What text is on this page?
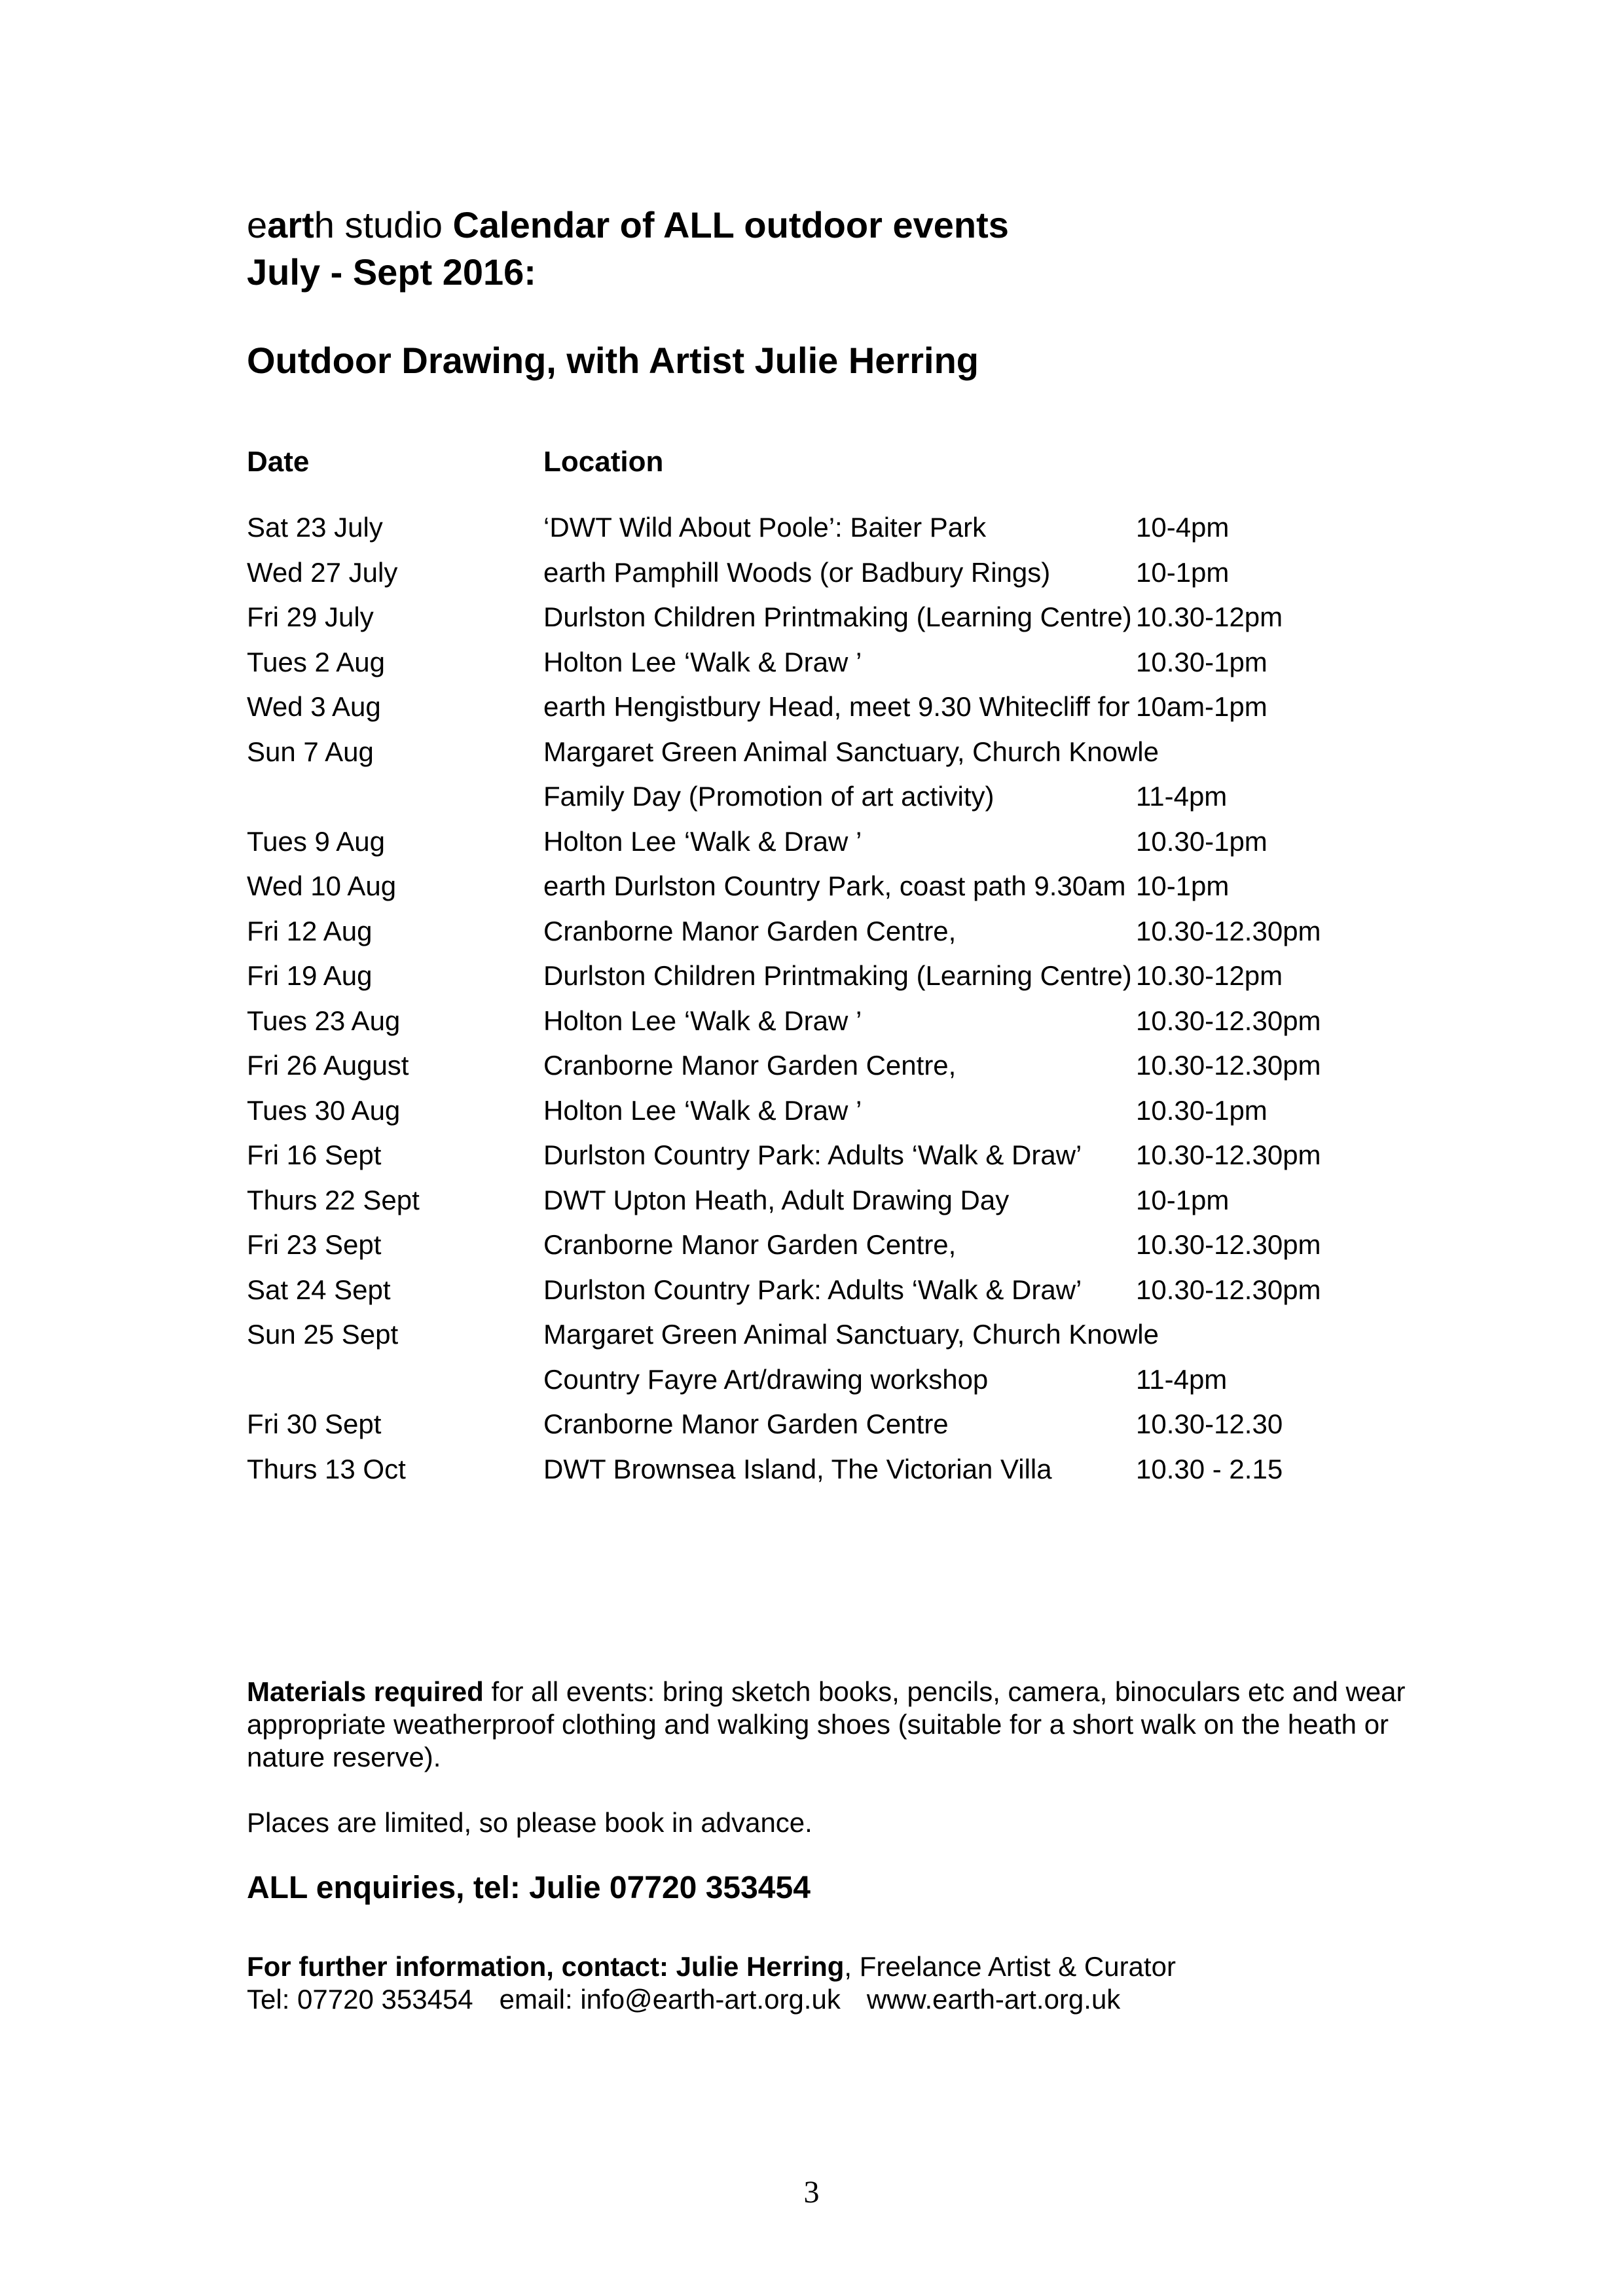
earth studio Calendar of ALL outdoor events
July - Sept 2016:
Outdoor Drawing, with Artist Julie Herring
Date	Location
Sat 23 July	‘DWT Wild About Poole’: Baiter Park	10-4pm
Wed 27 July	earth Pamphill Woods (or Badbury Rings)	10-1pm
Fri 29 July	Durlston Children Printmaking (Learning Centre) 10.30-12pm
Tues 2 Aug	Holton Lee ‘Walk & Draw ’	10.30-1pm
Wed 3 Aug	earth Hengistbury Head, meet 9.30 Whitecliff for 10am-1pm
Sun 7 Aug	Margaret Green Animal Sanctuary, Church Knowle
Family Day (Promotion of art activity)	11-4pm
Tues 9 Aug	Holton Lee ‘Walk & Draw ’	10.30-1pm
Wed 10 Aug	earth Durlston Country Park, coast path 9.30am 10-1pm
Fri 12 Aug	Cranborne Manor Garden Centre,	10.30-12.30pm
Fri 19 Aug	Durlston Children Printmaking (Learning Centre) 10.30-12pm
Tues 23 Aug	Holton Lee ‘Walk & Draw ’	10.30-12.30pm
Fri 26 August	Cranborne Manor Garden Centre,	10.30-12.30pm
Tues 30 Aug	Holton Lee ‘Walk & Draw ’	10.30-1pm
Fri 16 Sept	Durlston Country Park: Adults ‘Walk & Draw’ 10.30-12.30pm
Thurs 22 Sept	DWT Upton Heath, Adult Drawing Day	10-1pm
Fri 23 Sept	Cranborne Manor Garden Centre,	10.30-12.30pm
Sat 24 Sept	Durlston Country Park: Adults ‘Walk & Draw’ 10.30-12.30pm
Sun 25 Sept	Margaret Green Animal Sanctuary, Church Knowle
Country Fayre Art/drawing workshop	11-4pm
Fri 30 Sept	Cranborne Manor Garden Centre	10.30-12.30
Thurs 13 Oct	DWT Brownsea Island, The Victorian Villa	10.30 - 2.15
Materials required for all events: bring sketch books, pencils, camera, binoculars etc and wear appropriate weatherproof clothing and walking shoes (suitable for a short walk on the heath or nature reserve).
Places are limited, so please book in advance.
ALL enquiries, tel: Julie 07720 353454
For further information, contact: Julie Herring, Freelance Artist & Curator
Tel: 07720 353454 email: info@earth-art.org.uk www.earth-art.org.uk
3
